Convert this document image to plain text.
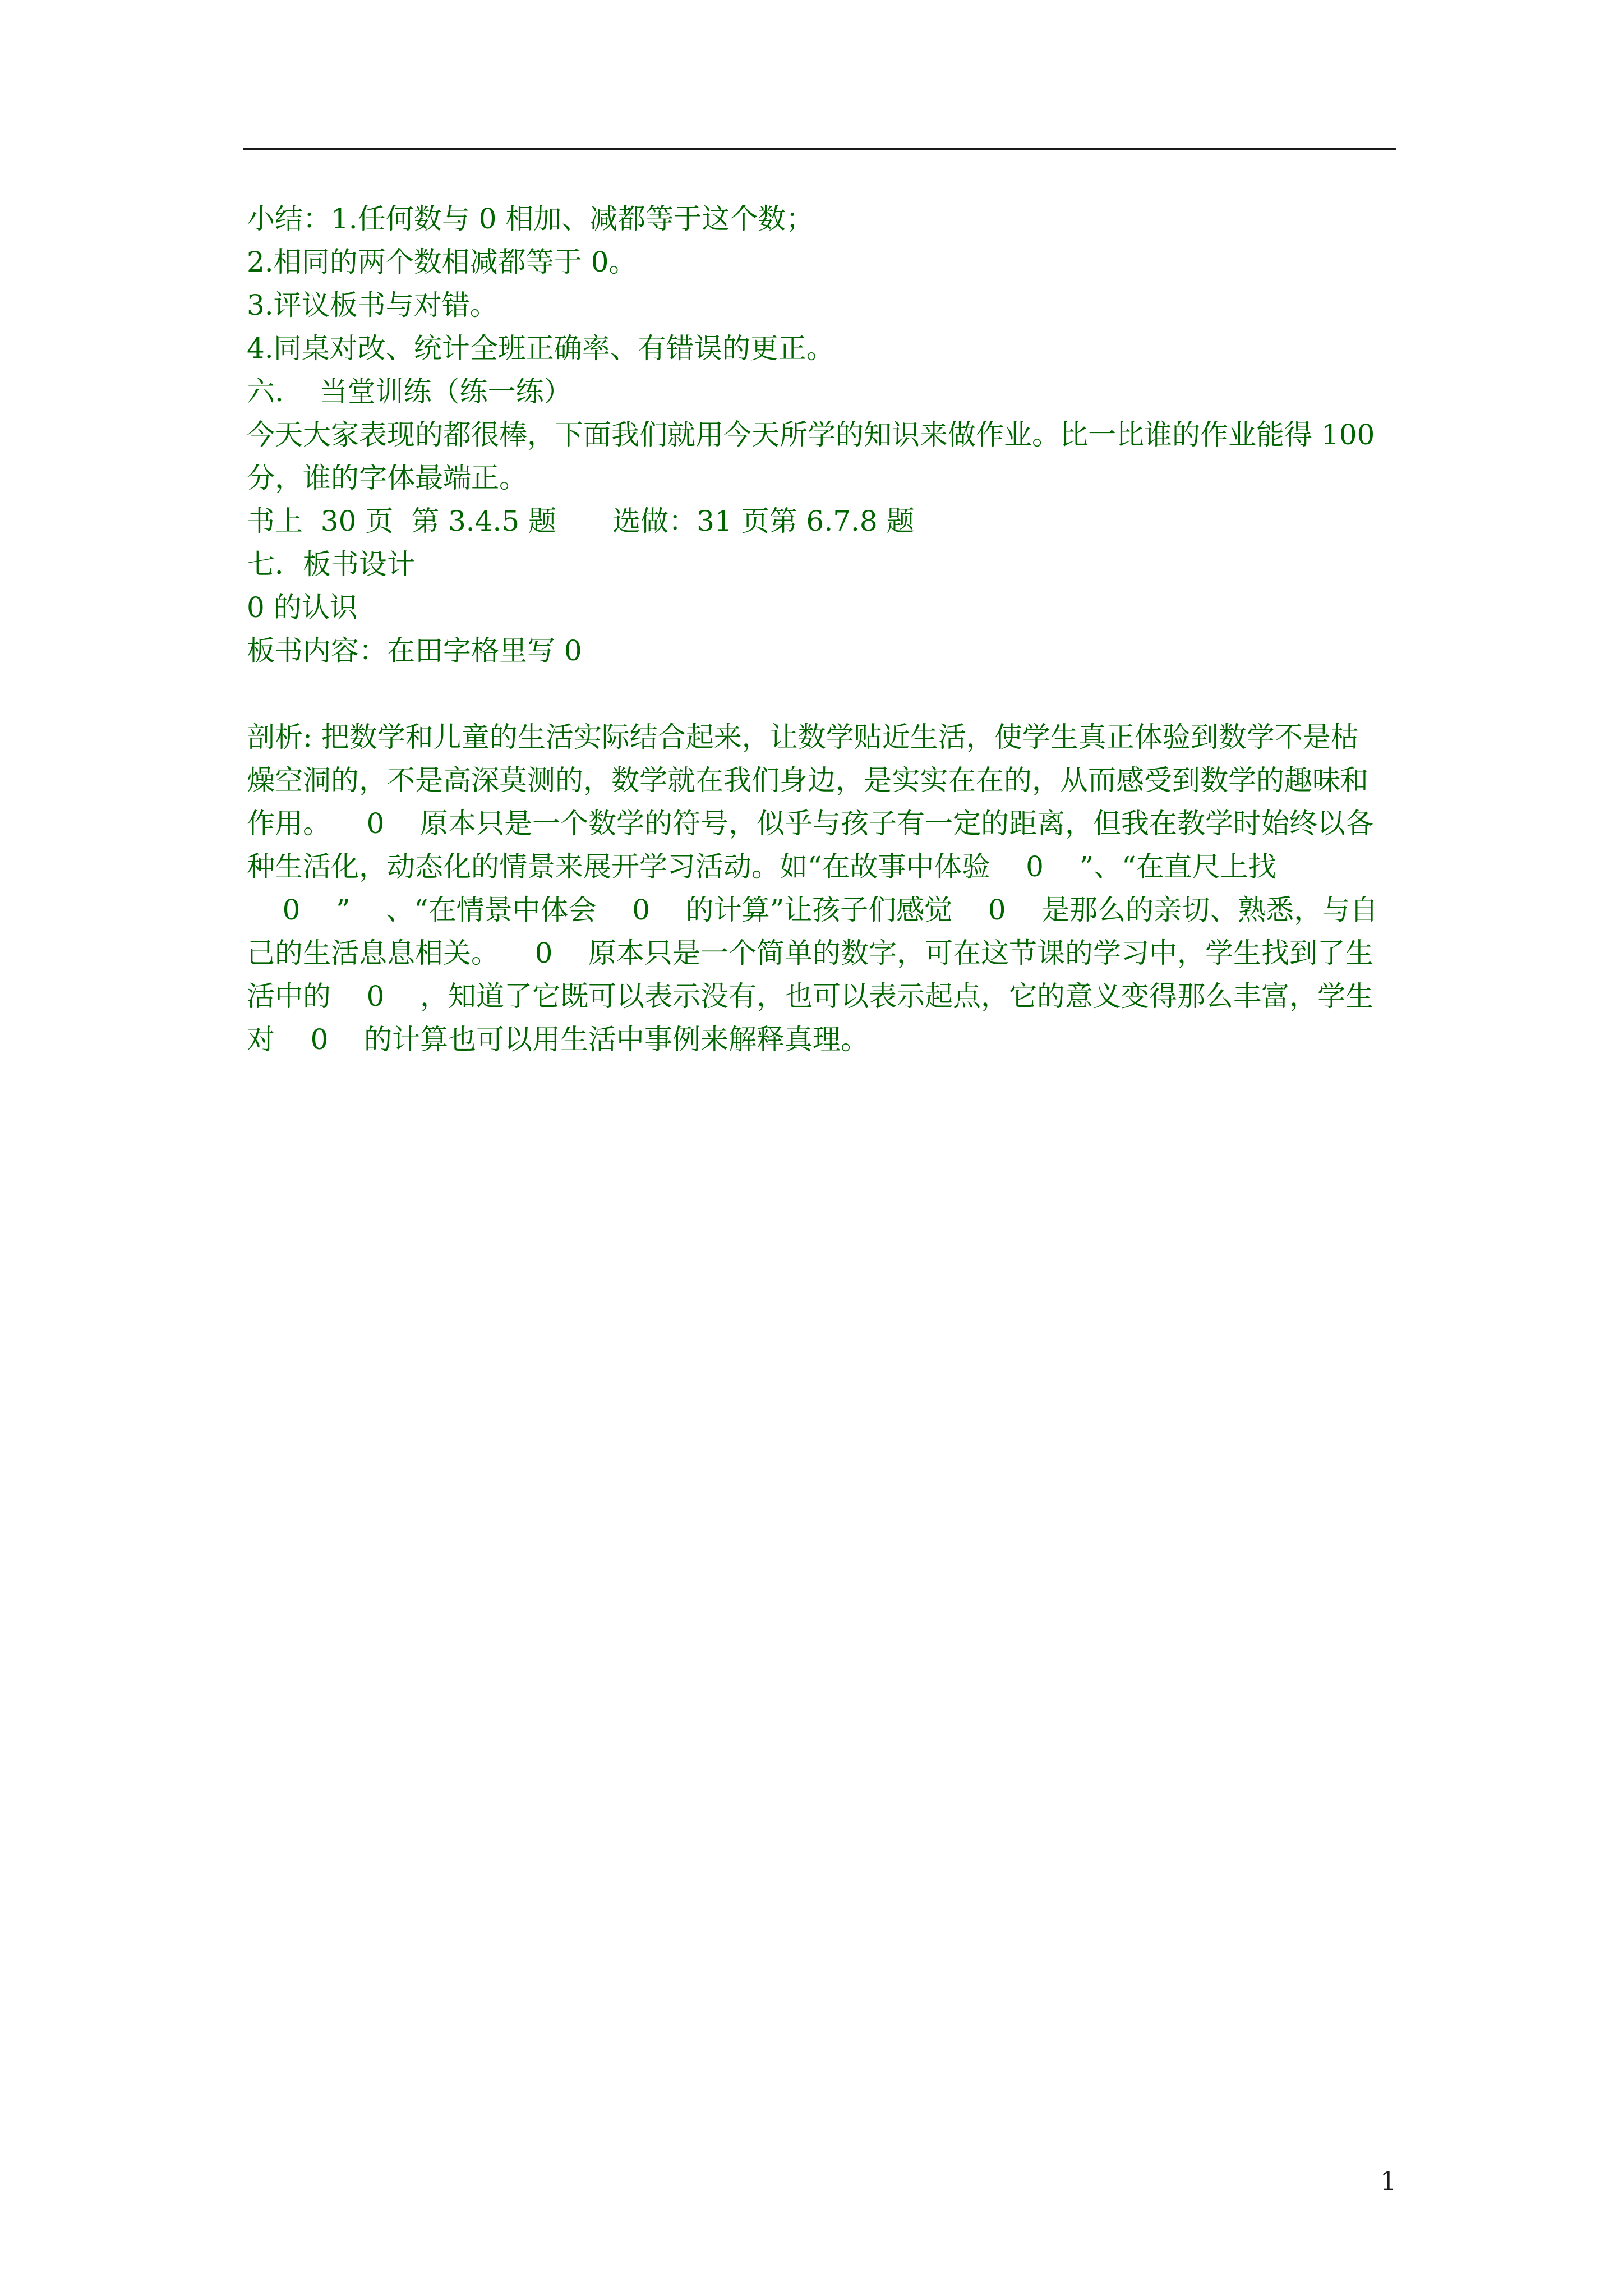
小结：1.任何数与 0 相加、减都等于这个数；
2.相同的两个数相减都等于 0。
3.评议板书与对错。
4.同桌对改、统计全班正确率、有错误的更正。
六.    当堂训练（练一练）
今天大家表现的都很棒，下面我们就用今天所学的知识来做作业。比一比谁的作业能得 100
分，谁的字体最端正。
书上  30 页  第 3.4.5 题 选做：31 页第 6.7.8 题
七．板书设计
0 的认识
板书内容：在田字格里写 0
剖析: 把数学和儿童的生活实际结合起来，让数学贴近生活，使学生真正体验到数学不是枯
燥空洞的，不是高深莫测的，数学就在我们身边，是实实在在的，从而感受到数学的趣味和
作用。    0    原本只是一个数学的符号，似乎与孩子有一定的距离，但我在教学时始终以各
种生活化，动态化的情景来展开学习活动。如“在故事中体验    0    ”、“在直尺上找
0    ”    、“在情景中体会    0    的计算”让孩子们感觉    0    是那么的亲切、熟悉，与自
己的生活息息相关。    0    原本只是一个简单的数字，可在这节课的学习中，学生找到了生
活中的    0    ，知道了它既可以表示没有，也可以表示起点，它的意义变得那么丰富，学生
对    0    的计算也可以用生活中事例来解释真理。
1
